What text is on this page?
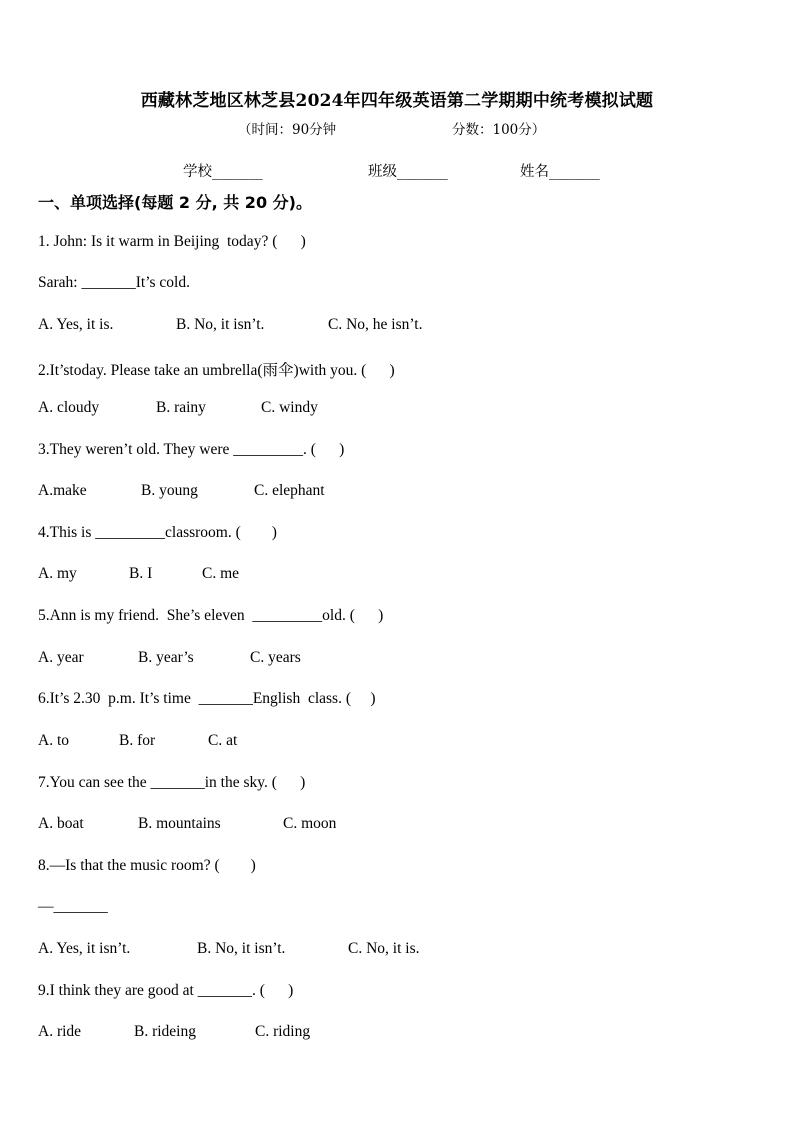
西藏林芝地区林芝县2024年四年级英语第二学期期中统考模拟试题
（时间：90分钟	分数：100分）
学校_______	班级_______	姓名_______
一、单项选择(每题 2 分, 共 20 分)。
1. John: Is it warm in Beijing  today? (      )
Sarah: _______It’s cold.
A. Yes, it is.	B. No, it isn’t.	C. No, he isn’t.
2.It’stoday. Please take an umbrella(雨伞)with you. (      )
A. cloudy	B. rainy	C. windy
3.They weren’t old. They were _________. (      )
A.make	B. young	C. elephant
4.This is _________classroom. (        )
A. my	B. I	C. me
5.Ann is my friend.  She’s eleven  _________old. (      )
A. year	B. year’s	C. years
6.It’s 2.30  p.m. It’s time  _______English  class. (     )
A. to	B. for	C. at
7.You can see the _______in the sky. (      )
A. boat	B. mountains	C. moon
8.—Is that the music room? (        )
—_______
A. Yes, it isn’t.	B. No, it isn’t.	C. No, it is.
9.I think they are good at _______. (      )
A. ride	B. rideing	C. riding
